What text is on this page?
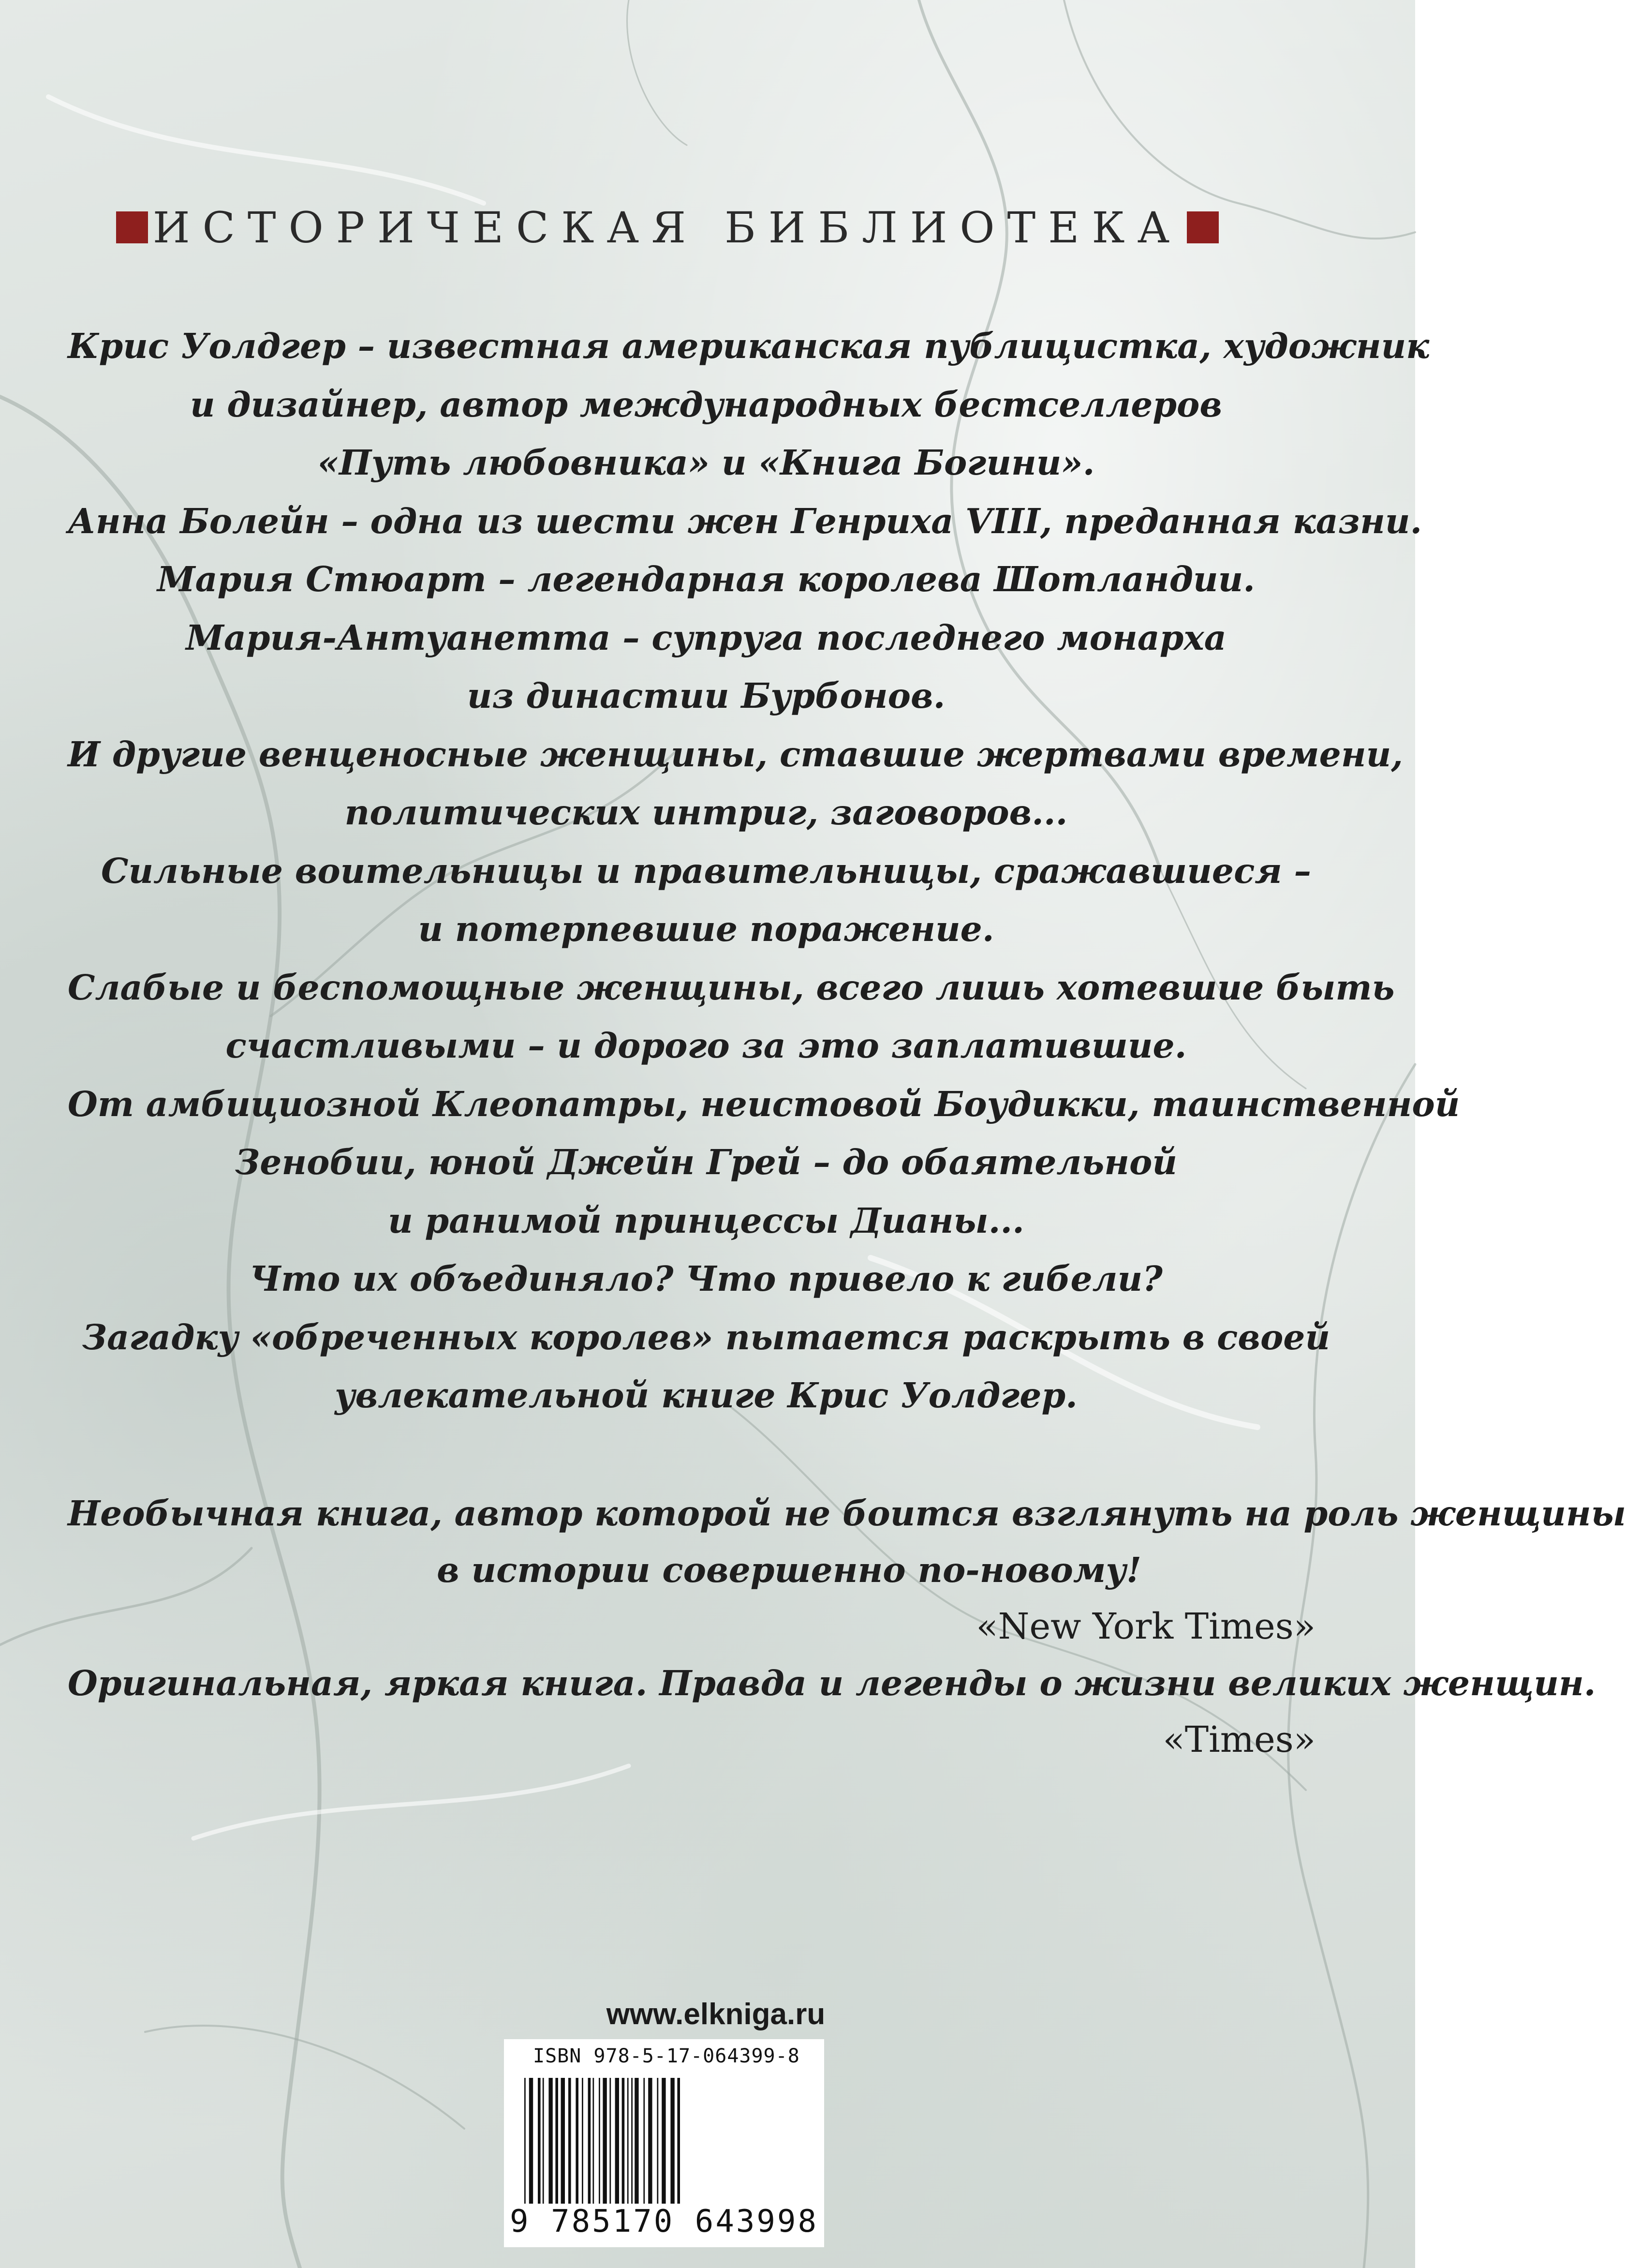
ИСТОРИЧЕСКАЯ БИБЛИОТЕКА
Крис Уолдгер – известная американская публицистка, художник
и дизайнер, автор международных бестселлеров
«Путь любовника» и «Книга Богини».
Анна Болейн – одна из шести жен Генриха VIII, преданная казни.
Мария Стюарт – легендарная королева Шотландии.
Мария-Антуанетта – супруга последнего монарха
из династии Бурбонов.
И другие венценосные женщины, ставшие жертвами времени,
политических интриг, заговоров...
Сильные воительницы и правительницы, сражавшиеся –
и потерпевшие поражение.
Слабые и беспомощные женщины, всего лишь хотевшие быть
счастливыми – и дорого за это заплатившие.
От амбициозной Клеопатры, неистовой Боудикки, таинственной
Зенобии, юной Джейн Грей – до обаятельной
и ранимой принцессы Дианы...
Что их объединяло? Что привело к гибели?
Загадку «обреченных королев» пытается раскрыть в своей
увлекательной книге Крис Уолдгер.
Необычная книга, автор которой не боится взглянуть на роль женщины
в истории совершенно по-новому!
«New York Times»
Оригинальная, яркая книга. Правда и легенды о жизни великих женщин.
«Times»
www.elkniga.ru
ISBN 978-5-17-064399-8
9 785170 643998
